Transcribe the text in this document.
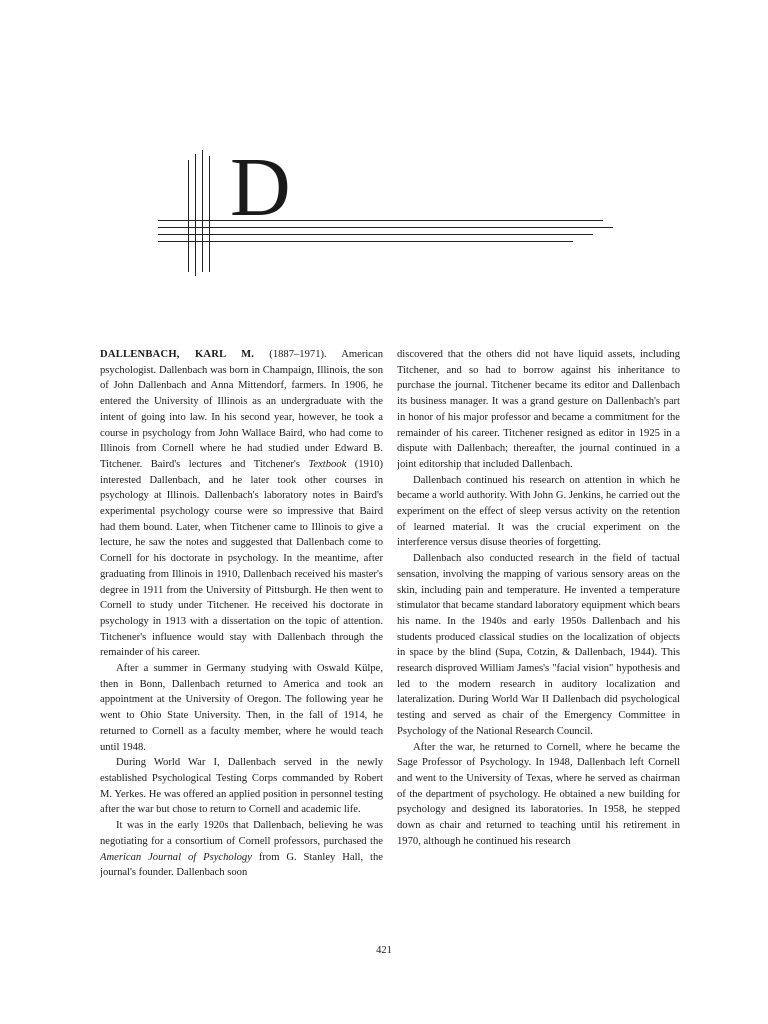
D

DALLENBACH, KARL M. (1887–1971). American psychologist. Dallenbach was born in Champaign, Illinois, the son of John Dallenbach and Anna Mittendorf, farmers. In 1906, he entered the University of Illinois as an undergraduate with the intent of going into law. In his second year, however, he took a course in psychology from John Wallace Baird, who had come to Illinois from Cornell where he had studied under Edward B. Titchener. Baird's lectures and Titchener's Textbook (1910) interested Dallenbach, and he later took other courses in psychology at Illinois. Dallenbach's laboratory notes in Baird's experimental psychology course were so impressive that Baird had them bound. Later, when Titchener came to Illinois to give a lecture, he saw the notes and suggested that Dallenbach come to Cornell for his doctorate in psychology. In the meantime, after graduating from Illinois in 1910, Dallenbach received his master's degree in 1911 from the University of Pittsburgh. He then went to Cornell to study under Titchener. He received his doctorate in psychology in 1913 with a dissertation on the topic of attention. Titchener's influence would stay with Dallenbach through the remainder of his career.

After a summer in Germany studying with Oswald Külpe, then in Bonn, Dallenbach returned to America and took an appointment at the University of Oregon. The following year he went to Ohio State University. Then, in the fall of 1914, he returned to Cornell as a faculty member, where he would teach until 1948.

During World War I, Dallenbach served in the newly established Psychological Testing Corps commanded by Robert M. Yerkes. He was offered an applied position in personnel testing after the war but chose to return to Cornell and academic life.

It was in the early 1920s that Dallenbach, believing he was negotiating for a consortium of Cornell professors, purchased the American Journal of Psychology from G. Stanley Hall, the journal's founder. Dallenbach soon

discovered that the others did not have liquid assets, including Titchener, and so had to borrow against his inheritance to purchase the journal. Titchener became its editor and Dallenbach its business manager. It was a grand gesture on Dallenbach's part in honor of his major professor and became a commitment for the remainder of his career. Titchener resigned as editor in 1925 in a dispute with Dallenbach; thereafter, the journal continued in a joint editorship that included Dallenbach.

Dallenbach continued his research on attention in which he became a world authority. With John G. Jenkins, he carried out the experiment on the effect of sleep versus activity on the retention of learned material. It was the crucial experiment on the interference versus disuse theories of forgetting.

Dallenbach also conducted research in the field of tactual sensation, involving the mapping of various sensory areas on the skin, including pain and temperature. He invented a temperature stimulator that became standard laboratory equipment which bears his name. In the 1940s and early 1950s Dallenbach and his students produced classical studies on the localization of objects in space by the blind (Supa, Cotzin, & Dallenbach, 1944). This research disproved William James's "facial vision" hypothesis and led to the modern research in auditory localization and lateralization. During World War II Dallenbach did psychological testing and served as chair of the Emergency Committee in Psychology of the National Research Council.

After the war, he returned to Cornell, where he became the Sage Professor of Psychology. In 1948, Dallenbach left Cornell and went to the University of Texas, where he served as chairman of the department of psychology. He obtained a new building for psychology and designed its laboratories. In 1958, he stepped down as chair and returned to teaching until his retirement in 1970, although he continued his research

421
